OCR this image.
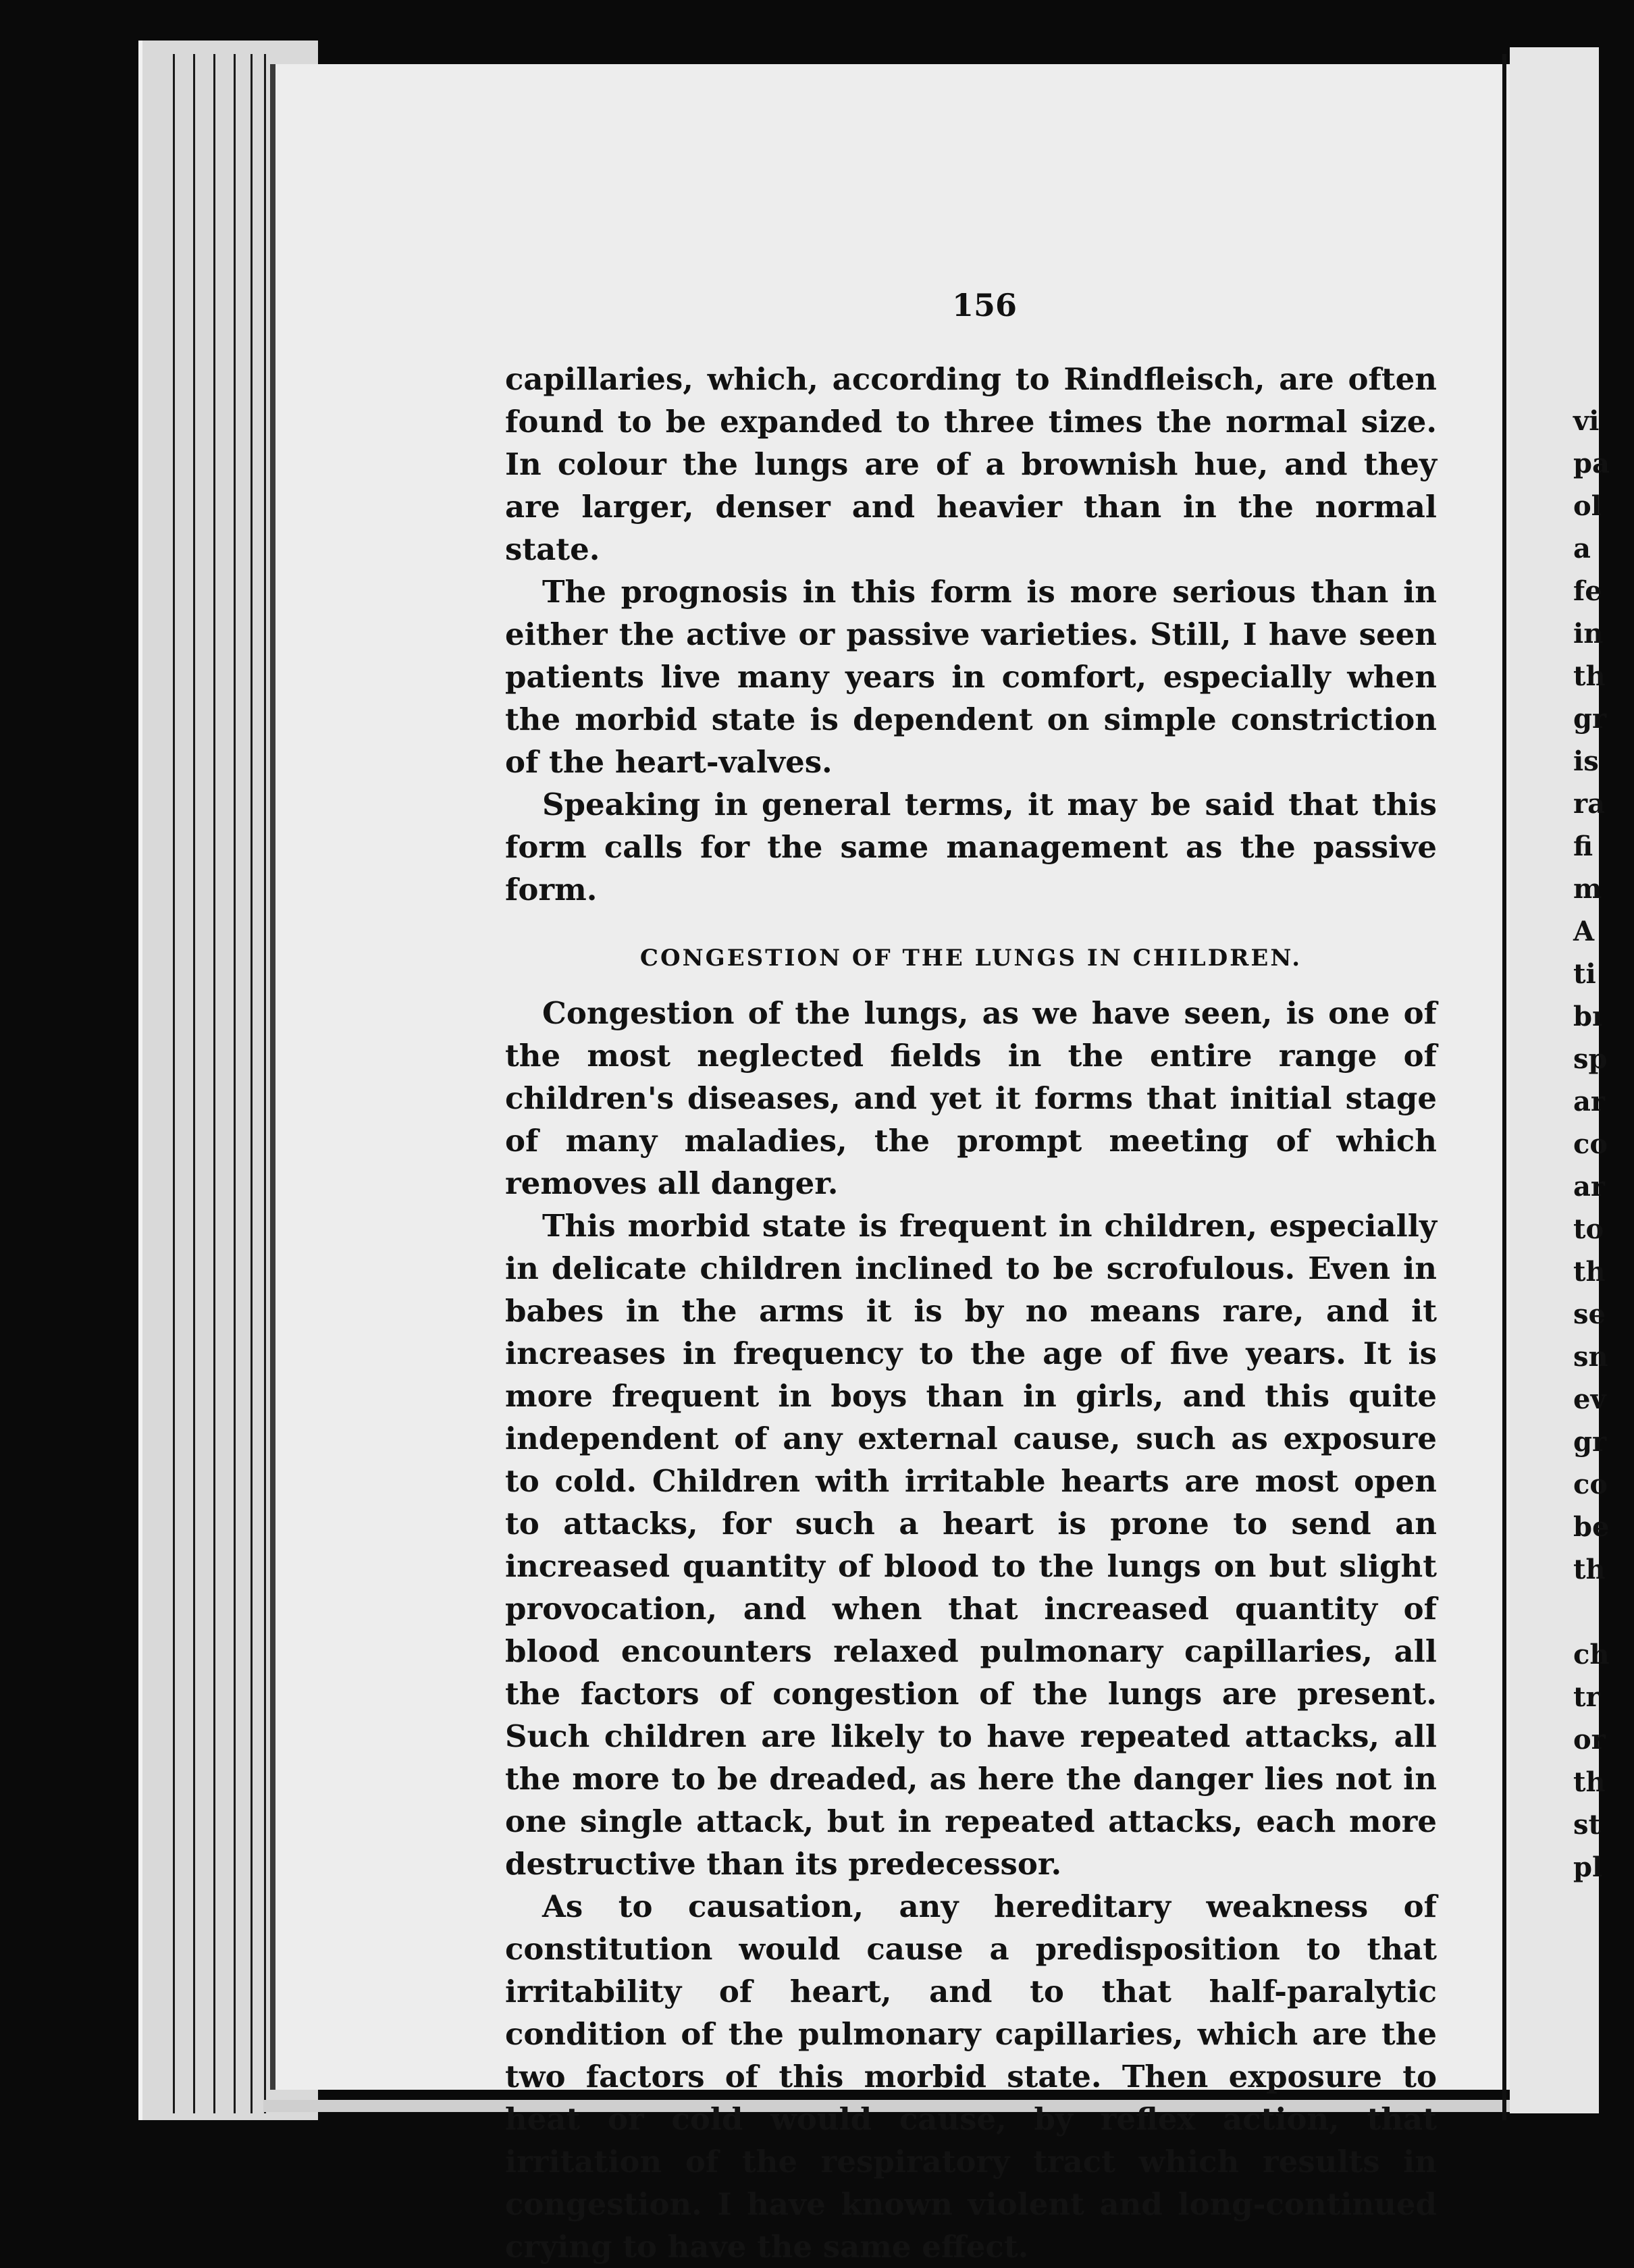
vi
pa
ol
a
fe
in
th
gr
is
ra
fi
m
A
ti
bı
sp
ar
co
ar
to
th
se
sn
ev
gr
co
be
th
ch
tr
or
th
st
pl
156

capillaries, which, according to Rindfleisch, are often found to be expanded to three times the normal size. In colour the lungs are of a brownish hue, and they are larger, denser and heavier than in the normal state.

The prognosis in this form is more serious than in either the active or passive varieties. Still, I have seen patients live many years in comfort, especially when the morbid state is dependent on simple constriction of the heart-valves.

Speaking in general terms, it may be said that this form calls for the same management as the passive form.

CONGESTION OF THE LUNGS IN CHILDREN.

Congestion of the lungs, as we have seen, is one of the most neglected fields in the entire range of children's diseases, and yet it forms that initial stage of many maladies, the prompt meeting of which removes all danger.

This morbid state is frequent in children, especially in delicate children inclined to be scrofulous. Even in babes in the arms it is by no means rare, and it increases in frequency to the age of five years. It is more frequent in boys than in girls, and this quite independent of any external cause, such as exposure to cold. Children with irritable hearts are most open to attacks, for such a heart is prone to send an increased quantity of blood to the lungs on but slight provocation, and when that increased quantity of blood encounters relaxed pulmonary capillaries, all the factors of congestion of the lungs are present. Such children are likely to have repeated attacks, all the more to be dreaded, as here the danger lies not in one single attack, but in repeated attacks, each more destructive than its predecessor.

As to causation, any hereditary weakness of constitution would cause a predisposition to that irritability of heart, and to that half-paralytic condition of the pulmonary capillaries, which are the two factors of this morbid state. Then exposure to heat or cold would cause, by reflex action, that irritation of the respiratory tract which results in congestion. I have known violent and long-continued crying to have the same effect.
